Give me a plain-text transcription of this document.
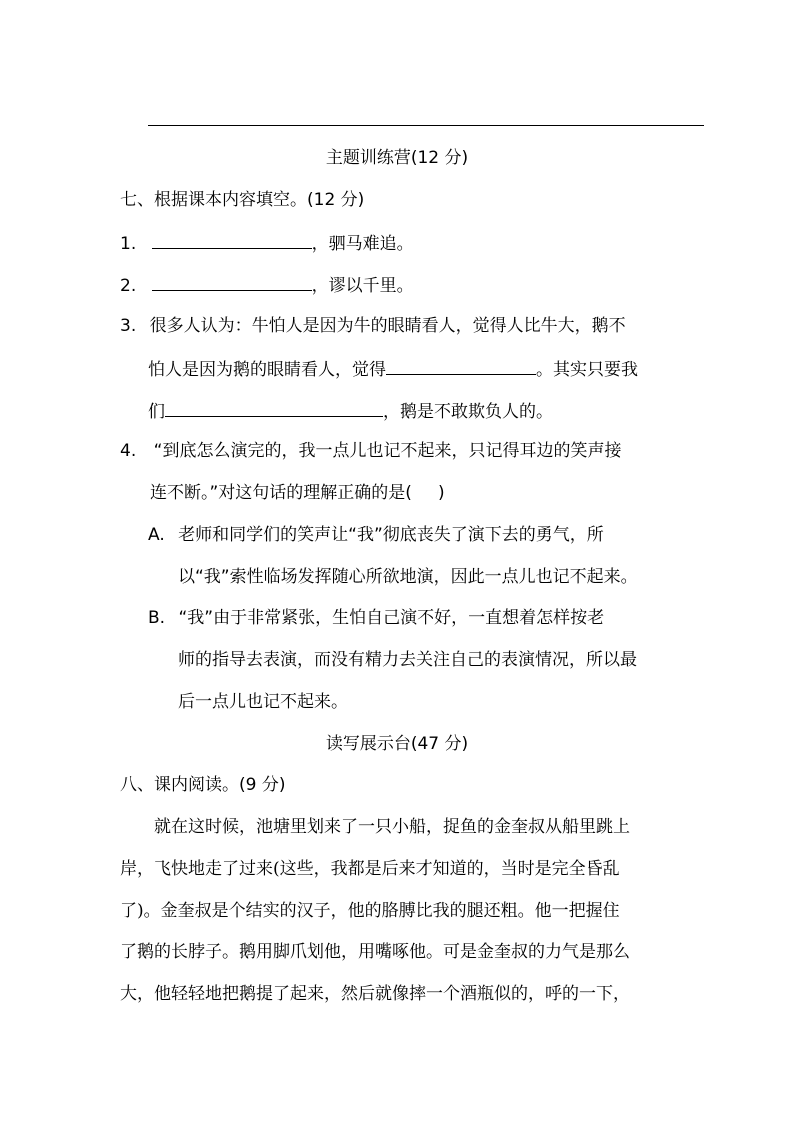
主题训练营(12 分)
七、根据课本内容填空。(12 分)
1.	，驷马难追。
2.	，谬以千里。
3. 很多人认为：牛怕人是因为牛的眼睛看人，觉得人比牛大，鹅不
怕人是因为鹅的眼睛看人，觉得	。其实只要我
们	，鹅是不敢欺负人的。
4. “到底怎么演完的，我一点儿也记不起来，只记得耳边的笑声接
连不断。”对这句话的理解正确的是( )
A. 老师和同学们的笑声让“我”彻底丧失了演下去的勇气，所
以“我”索性临场发挥随心所欲地演，因此一点儿也记不起来。
B. “我”由于非常紧张，生怕自己演不好，一直想着怎样按老
师的指导去表演，而没有精力去关注自己的表演情况，所以最
后一点儿也记不起来。
读写展示台(47 分)
八、课内阅读。(9 分)
就在这时候，池塘里划来了一只小船，捉鱼的金奎叔从船里跳上
岸，飞快地走了过来(这些，我都是后来才知道的，当时是完全昏乱
了)。金奎叔是个结实的汉子，他的胳膊比我的腿还粗。他一把握住
了鹅的长脖子。鹅用脚爪划他，用嘴啄他。可是金奎叔的力气是那么
大，他轻轻地把鹅提了起来，然后就像摔一个酒瓶似的，呼的一下，
